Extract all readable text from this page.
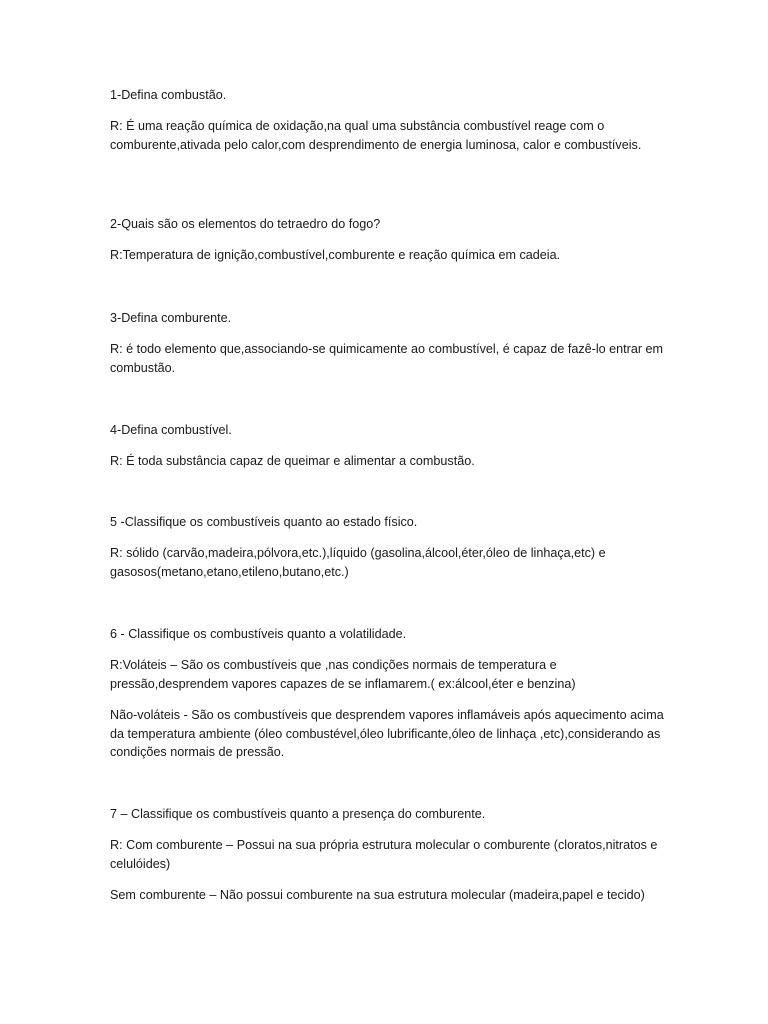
1-Defina combustão.

R: É uma reação química de oxidação,na qual uma substância combustível reage com o comburente,ativada pelo calor,com desprendimento de energia luminosa, calor e combustíveis.

2-Quais são os elementos do tetraedro do fogo?

R:Temperatura de ignição,combustível,comburente e reação química em cadeia.

3-Defina comburente.

R: é todo elemento que,associando-se quimicamente ao combustível, é capaz de fazê-lo entrar em combustão.

4-Defina combustível.

R: É toda substância capaz de queimar e alimentar a combustão.

5 -Classifique os combustíveis quanto ao estado físico.

R: sólido (carvão,madeira,pólvora,etc.),líquido (gasolina,álcool,éter,óleo de linhaça,etc) e gasosos(metano,etano,etileno,butano,etc.)

6 - Classifique os combustíveis quanto a volatilidade.

R:Voláteis – São os combustíveis que ,nas condições normais de temperatura e pressão,desprendem vapores capazes de se inflamarem.( ex:álcool,éter e benzina)

Não-voláteis - São os combustíveis que desprendem vapores inflamáveis após aquecimento acima da temperatura ambiente (óleo combustével,óleo lubrificante,óleo de linhaça ,etc),considerando as condições normais de pressão.

7 – Classifique os combustíveis quanto a presença do comburente.

R: Com comburente – Possui na sua própria estrutura molecular o comburente (cloratos,nitratos e celulóides)

Sem comburente – Não possui comburente na sua estrutura molecular (madeira,papel e tecido)
